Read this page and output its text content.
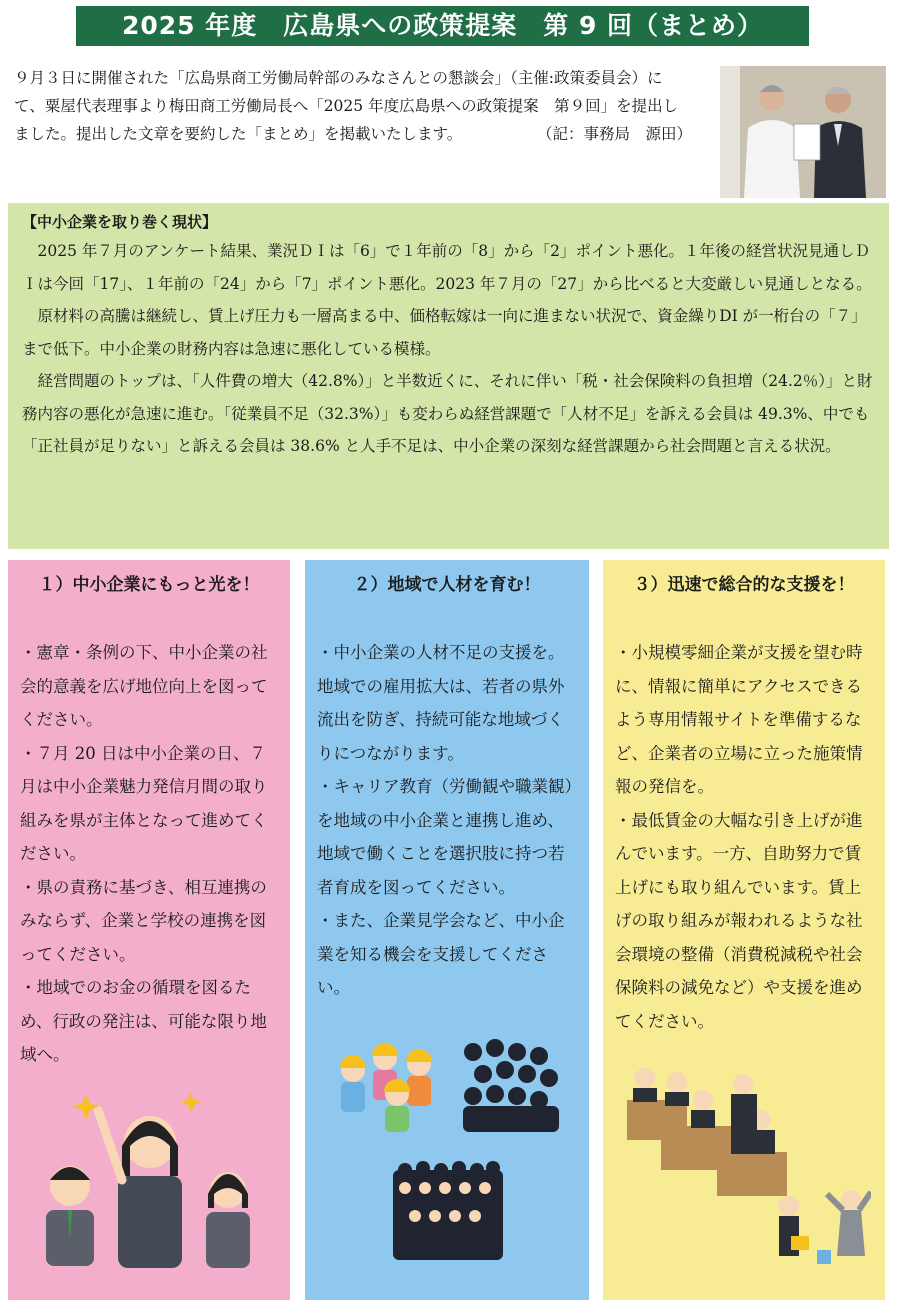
2025 年度　広島県への政策提案　第 9 回（まとめ）
９月３日に開催された「広島県商工労働局幹部のみなさんとの懇談会」（主催:政策委員会）にて、粟屋代表理事より梅田商工労働局長へ「2025 年度広島県への政策提案　第９回」を提出しました。提出した文章を要約した「まとめ」を掲載いたします。	（記：事務局　源田）
【中小企業を取り巻く現状】

2025 年７月のアンケート結果、業況ＤＩは「6」で１年前の「8」から「2」ポイント悪化。１年後の経営状況見通しＤＩは今回「17」、１年前の「24」から「7」ポイント悪化。2023 年７月の「27」から比べると大変厳しい見通しとなる。

原材料の高騰は継続し、賃上げ圧力も一層高まる中、価格転嫁は一向に進まない状況で、資金繰りDI が一桁台の「７」まで低下。中小企業の財務内容は急速に悪化している模様。

経営問題のトップは、「人件費の増大（42.8%）」と半数近くに、それに伴い「税・社会保険料の負担増（24.2％）」と財務内容の悪化が急速に進む。「従業員不足（32.3%）」も変わらぬ経営課題で「人材不足」を訴える会員は 49.3%、中でも「正社員が足りない」と訴える会員は 38.6% と人手不足は、中小企業の深刻な経営課題から社会問題と言える状況。

１）中小企業にもっと光を！
・憲章・条例の下、中小企業の社会的意義を広げ地位向上を図ってください。
・７月 20 日は中小企業の日、７月は中小企業魅力発信月間の取り組みを県が主体となって進めてください。
・県の責務に基づき、相互連携のみならず、企業と学校の連携を図ってください。
・地域でのお金の循環を図るため、行政の発注は、可能な限り地域へ。
２）地域で人材を育む！
・中小企業の人材不足の支援を。地域での雇用拡大は、若者の県外流出を防ぎ、持続可能な地域づくりにつながります。
・キャリア教育（労働観や職業観）を地域の中小企業と連携し進め、地域で働くことを選択肢に持つ若者育成を図ってください。
・また、企業見学会など、中小企業を知る機会を支援してください。
３）迅速で総合的な支援を！
・小規模零細企業が支援を望む時に、情報に簡単にアクセスできるよう専用情報サイトを準備するなど、企業者の立場に立った施策情報の発信を。
・最低賃金の大幅な引き上げが進んでいます。一方、自助努力で賃上げにも取り組んでいます。賃上げの取り組みが報われるような社会環境の整備（消費税減税や社会保険料の減免など）や支援を進めてください。
